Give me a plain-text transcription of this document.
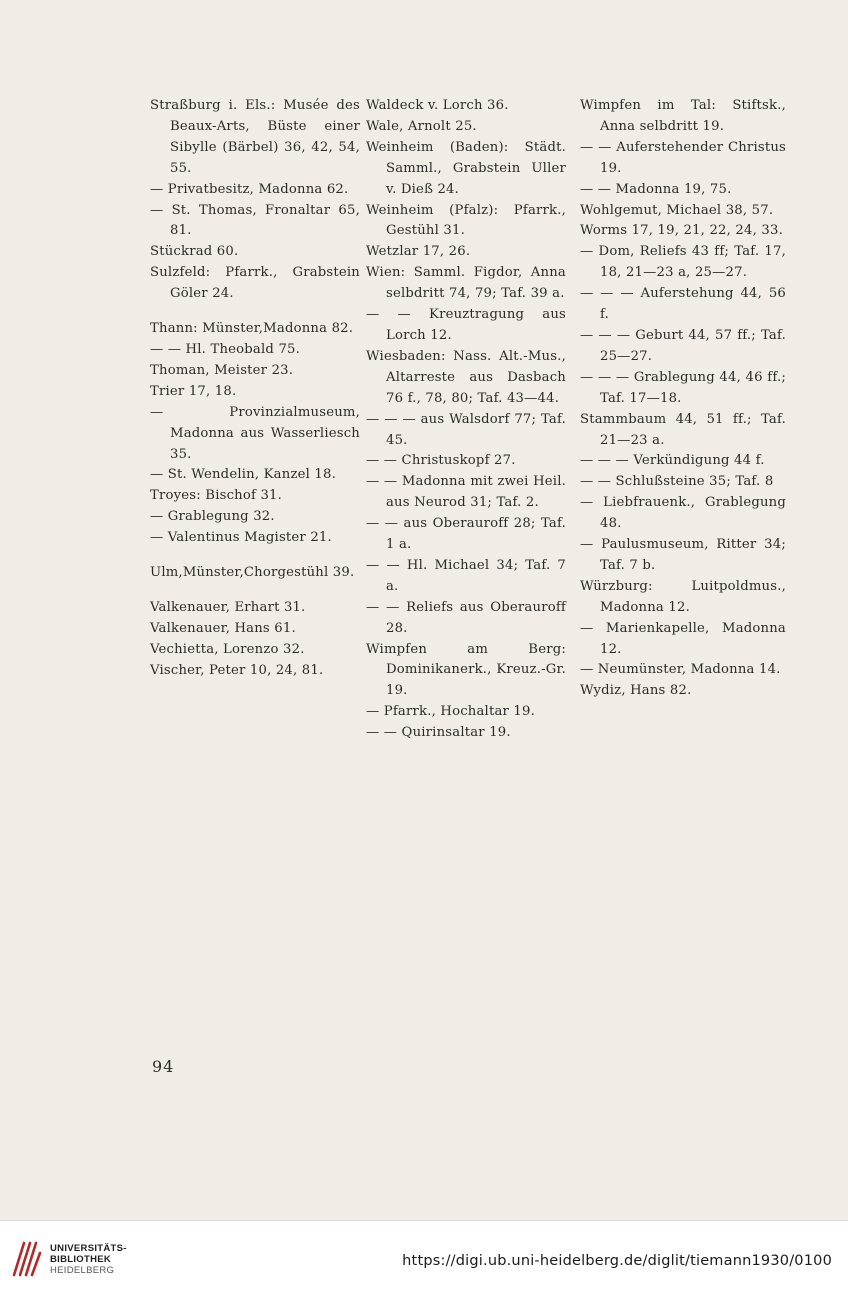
Straßburg i. Els.: Musée des Beaux-Arts, Büste einer Sibylle (Bärbel) 36, 42, 54, 55.
— Privatbesitz, Madonna 62.
— St. Thomas, Fronaltar 65, 81.
Stückrad 60.
Sulzfeld: Pfarrk., Grabstein Göler 24.
Thann: Münster,Madonna 82.
— — Hl. Theobald 75.
Thoman, Meister 23.
Trier 17, 18.
— Provinzialmuseum, Madonna aus Wasserliesch 35.
— St. Wendelin, Kanzel 18.
Troyes: Bischof 31.
— Grablegung 32.
— Valentinus Magister 21.
Ulm,Münster,Chorgestühl 39.
Valkenauer, Erhart 31.
Valkenauer, Hans 61.
Vechietta, Lorenzo 32.
Vischer, Peter 10, 24, 81.
Waldeck v. Lorch 36.
Wale, Arnolt 25.
Weinheim (Baden): Städt. Samml., Grabstein Uller v. Dieß 24.
Weinheim (Pfalz): Pfarrk., Gestühl 31.
Wetzlar 17, 26.
Wien: Samml. Figdor, Anna selbdritt 74, 79; Taf. 39 a.
— — Kreuztragung aus Lorch 12.
Wiesbaden: Nass. Alt.-Mus., Altarreste aus Dasbach 76 f., 78, 80; Taf. 43—44.
— — — aus Walsdorf 77; Taf. 45.
— — Christuskopf 27.
— — Madonna mit zwei Heil. aus Neurod 31; Taf. 2.
— — aus Oberauroff 28; Taf. 1 a.
— — Hl. Michael 34; Taf. 7 a.
— — Reliefs aus Oberauroff 28.
Wimpfen am Berg: Dominikanerk., Kreuz.-Gr. 19.
— Pfarrk., Hochaltar 19.
— — Quirinsaltar 19.
Wimpfen im Tal: Stiftsk., Anna selbdritt 19.
— — Auferstehender Christus 19.
— — Madonna 19, 75.
Wohlgemut, Michael 38, 57.
Worms 17, 19, 21, 22, 24, 33.
— Dom, Reliefs 43 ff; Taf. 17, 18, 21—23 a, 25—27.
— — — Auferstehung 44, 56 f.
— — — Geburt 44, 57 ff.; Taf. 25—27.
— — — Grablegung 44, 46 ff.; Taf. 17—18.
Stammbaum 44, 51 ff.; Taf. 21—23 a.
— — — Verkündigung 44 f.
— — Schlußsteine 35; Taf. 8
— Liebfrauenk., Grablegung 48.
— Paulusmuseum, Ritter 34; Taf. 7 b.
Würzburg: Luitpoldmus., Madonna 12.
— Marienkapelle, Madonna 12.
— Neumünster, Madonna 14.
Wydiz, Hans 82.
94
UNIVERSITÄTS-
BIBLIOTHEK
HEIDELBERG
https://digi.ub.uni-heidelberg.de/diglit/tiemann1930/0100
